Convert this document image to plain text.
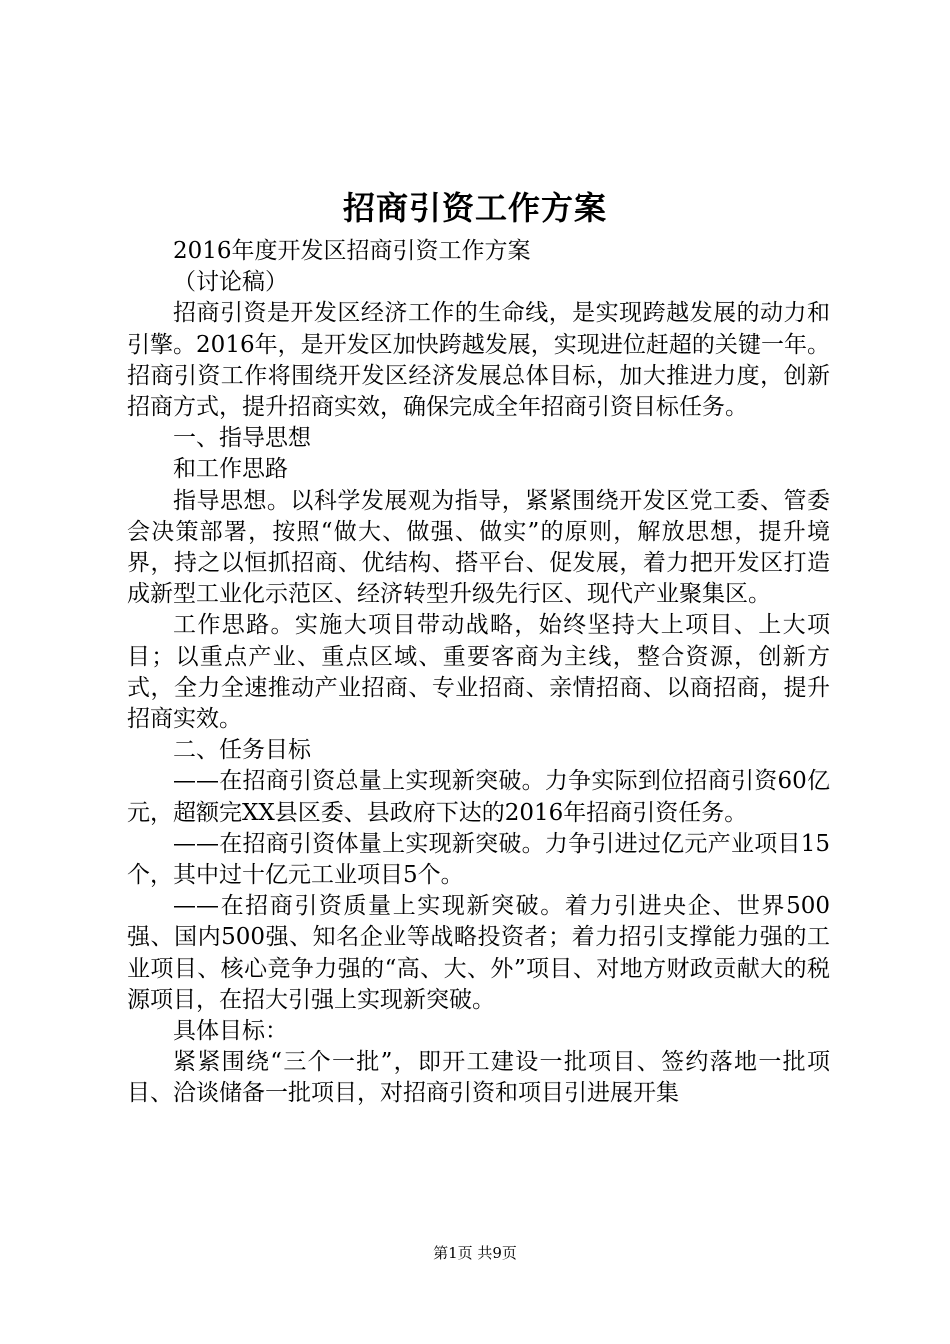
招商引资工作方案

2016年度开发区招商引资工作方案

（讨论稿）

招商引资是开发区经济工作的生命线，是实现跨越发展的动力和引擎。2016年，是开发区加快跨越发展，实现进位赶超的关键一年。招商引资工作将围绕开发区经济发展总体目标，加大推进力度，创新招商方式，提升招商实效，确保完成全年招商引资目标任务。

一、指导思想

和工作思路

指导思想。以科学发展观为指导，紧紧围绕开发区党工委、管委会决策部署，按照“做大、做强、做实”的原则，解放思想，提升境界，持之以恒抓招商、优结构、搭平台、促发展，着力把开发区打造成新型工业化示范区、经济转型升级先行区、现代产业聚集区。

工作思路。实施大项目带动战略，始终坚持大上项目、上大项目；以重点产业、重点区域、重要客商为主线，整合资源，创新方式，全力全速推动产业招商、专业招商、亲情招商、以商招商，提升招商实效。

二、任务目标

——在招商引资总量上实现新突破。力争实际到位招商引资60亿元，超额完XX县区委、县政府下达的2016年招商引资任务。

——在招商引资体量上实现新突破。力争引进过亿元产业项目15个，其中过十亿元工业项目5个。

——在招商引资质量上实现新突破。着力引进央企、世界500强、国内500强、知名企业等战略投资者；着力招引支撑能力强的工业项目、核心竞争力强的“高、大、外”项目、对地方财政贡献大的税源项目，在招大引强上实现新突破。

具体目标：

紧紧围绕“三个一批”，即开工建设一批项目、签约落地一批项目、洽谈储备一批项目，对招商引资和项目引进展开集

第1页 共9页
